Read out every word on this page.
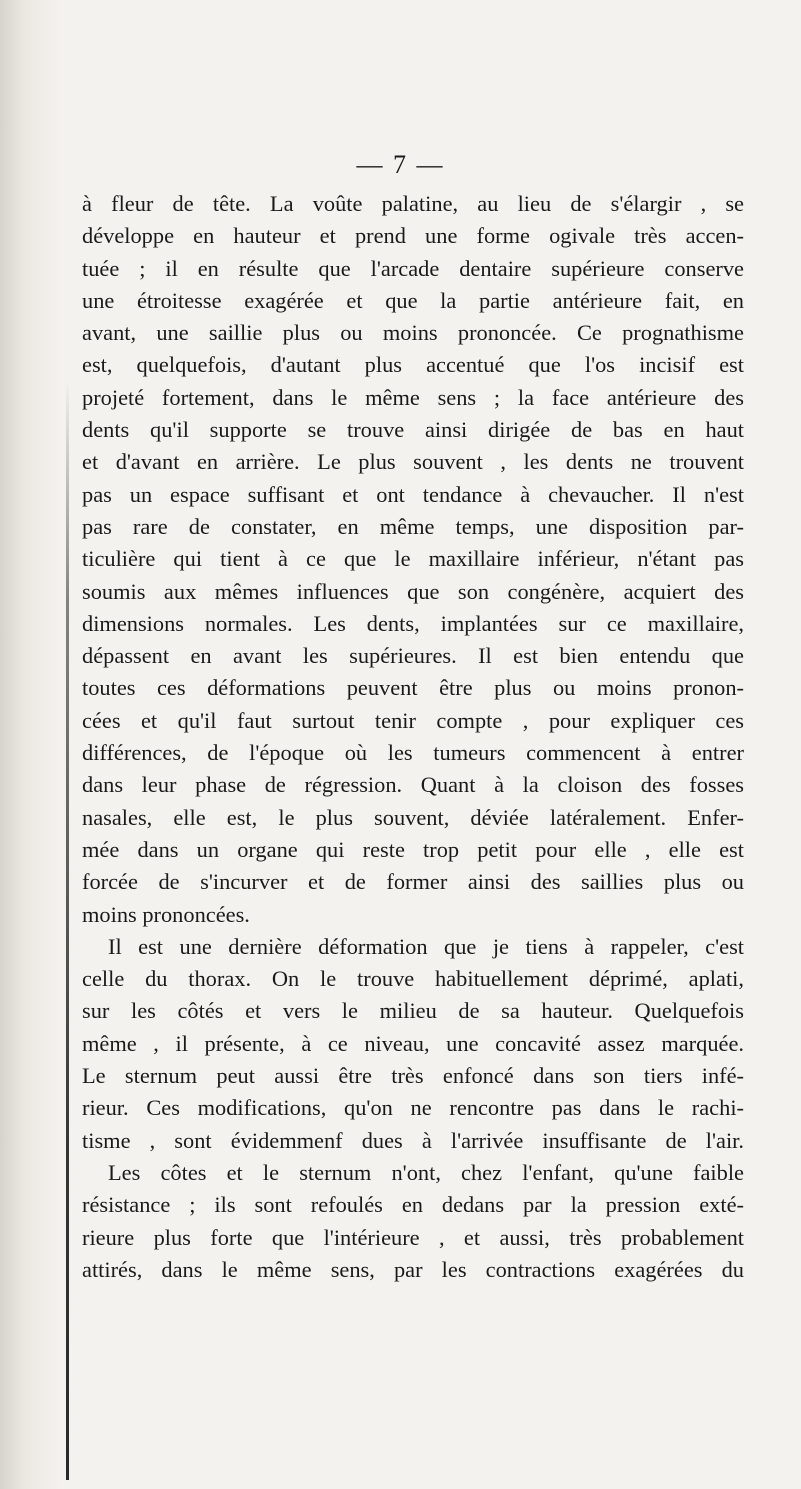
— 7 —
à fleur de tête. La voûte palatine, au lieu de s'élargir , se
développe en hauteur et prend une forme ogivale très accen-
tuée ; il en résulte que l'arcade dentaire supérieure conserve
une étroitesse exagérée et que la partie antérieure fait, en
avant, une saillie plus ou moins prononcée. Ce prognathisme
est, quelquefois, d'autant plus accentué que l'os incisif est
projeté fortement, dans le même sens ; la face antérieure des
dents qu'il supporte se trouve ainsi dirigée de bas en haut
et d'avant en arrière. Le plus souvent , les dents ne trouvent
pas un espace suffisant et ont tendance à chevaucher. Il n'est
pas rare de constater, en même temps, une disposition par-
ticulière qui tient à ce que le maxillaire inférieur, n'étant pas
soumis aux mêmes influences que son congénère, acquiert des
dimensions normales. Les dents, implantées sur ce maxillaire,
dépassent en avant les supérieures. Il est bien entendu que
toutes ces déformations peuvent être plus ou moins pronon-
cées et qu'il faut surtout tenir compte , pour expliquer ces
différences, de l'époque où les tumeurs commencent à entrer
dans leur phase de régression. Quant à la cloison des fosses
nasales, elle est, le plus souvent, déviée latéralement. Enfer-
mée dans un organe qui reste trop petit pour elle , elle est
forcée de s'incurver et de former ainsi des saillies plus ou
moins prononcées.
Il est une dernière déformation que je tiens à rappeler, c'est
celle du thorax. On le trouve habituellement déprimé, aplati,
sur les côtés et vers le milieu de sa hauteur. Quelquefois
même , il présente, à ce niveau, une concavité assez marquée.
Le sternum peut aussi être très enfoncé dans son tiers infé-
rieur. Ces modifications, qu'on ne rencontre pas dans le rachi-
tisme , sont évidemmenf dues à l'arrivée insuffisante de l'air.
Les côtes et le sternum n'ont, chez l'enfant, qu'une faible
résistance ; ils sont refoulés en dedans par la pression exté-
rieure plus forte que l'intérieure , et aussi, très probablement
attirés, dans le même sens, par les contractions exagérées du
